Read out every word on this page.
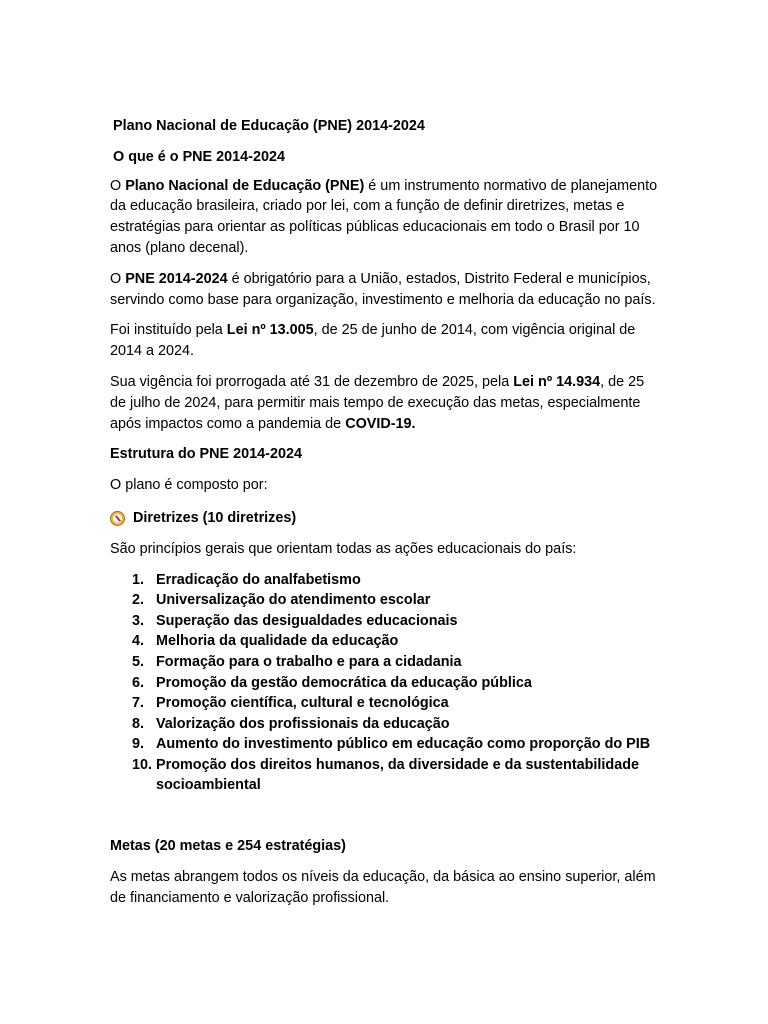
Plano Nacional de Educação (PNE) 2014-2024
O que é o PNE 2014-2024

O Plano Nacional de Educação (PNE) é um instrumento normativo de planejamento da educação brasileira, criado por lei, com a função de definir diretrizes, metas e estratégias para orientar as políticas públicas educacionais em todo o Brasil por 10 anos (plano decenal).

O PNE 2014-2024 é obrigatório para a União, estados, Distrito Federal e municípios, servindo como base para organização, investimento e melhoria da educação no país.

Foi instituído pela Lei nº 13.005, de 25 de junho de 2014, com vigência original de 2014 a 2024.

Sua vigência foi prorrogada até 31 de dezembro de 2025, pela Lei nº 14.934, de 25 de julho de 2024, para permitir mais tempo de execução das metas, especialmente após impactos como a pandemia de COVID-19.

Estrutura do PNE 2014-2024

O plano é composto por:

Diretrizes (10 diretrizes)

São princípios gerais que orientam todas as ações educacionais do país:

1. Erradicação do analfabetismo
2. Universalização do atendimento escolar
3. Superação das desigualdades educacionais
4. Melhoria da qualidade da educação
5. Formação para o trabalho e para a cidadania
6. Promoção da gestão democrática da educação pública
7. Promoção científica, cultural e tecnológica
8. Valorização dos profissionais da educação
9. Aumento do investimento público em educação como proporção do PIB
10. Promoção dos direitos humanos, da diversidade e da sustentabilidade socioambiental
Metas (20 metas e 254 estratégias)

As metas abrangem todos os níveis da educação, da básica ao ensino superior, além de financiamento e valorização profissional.
